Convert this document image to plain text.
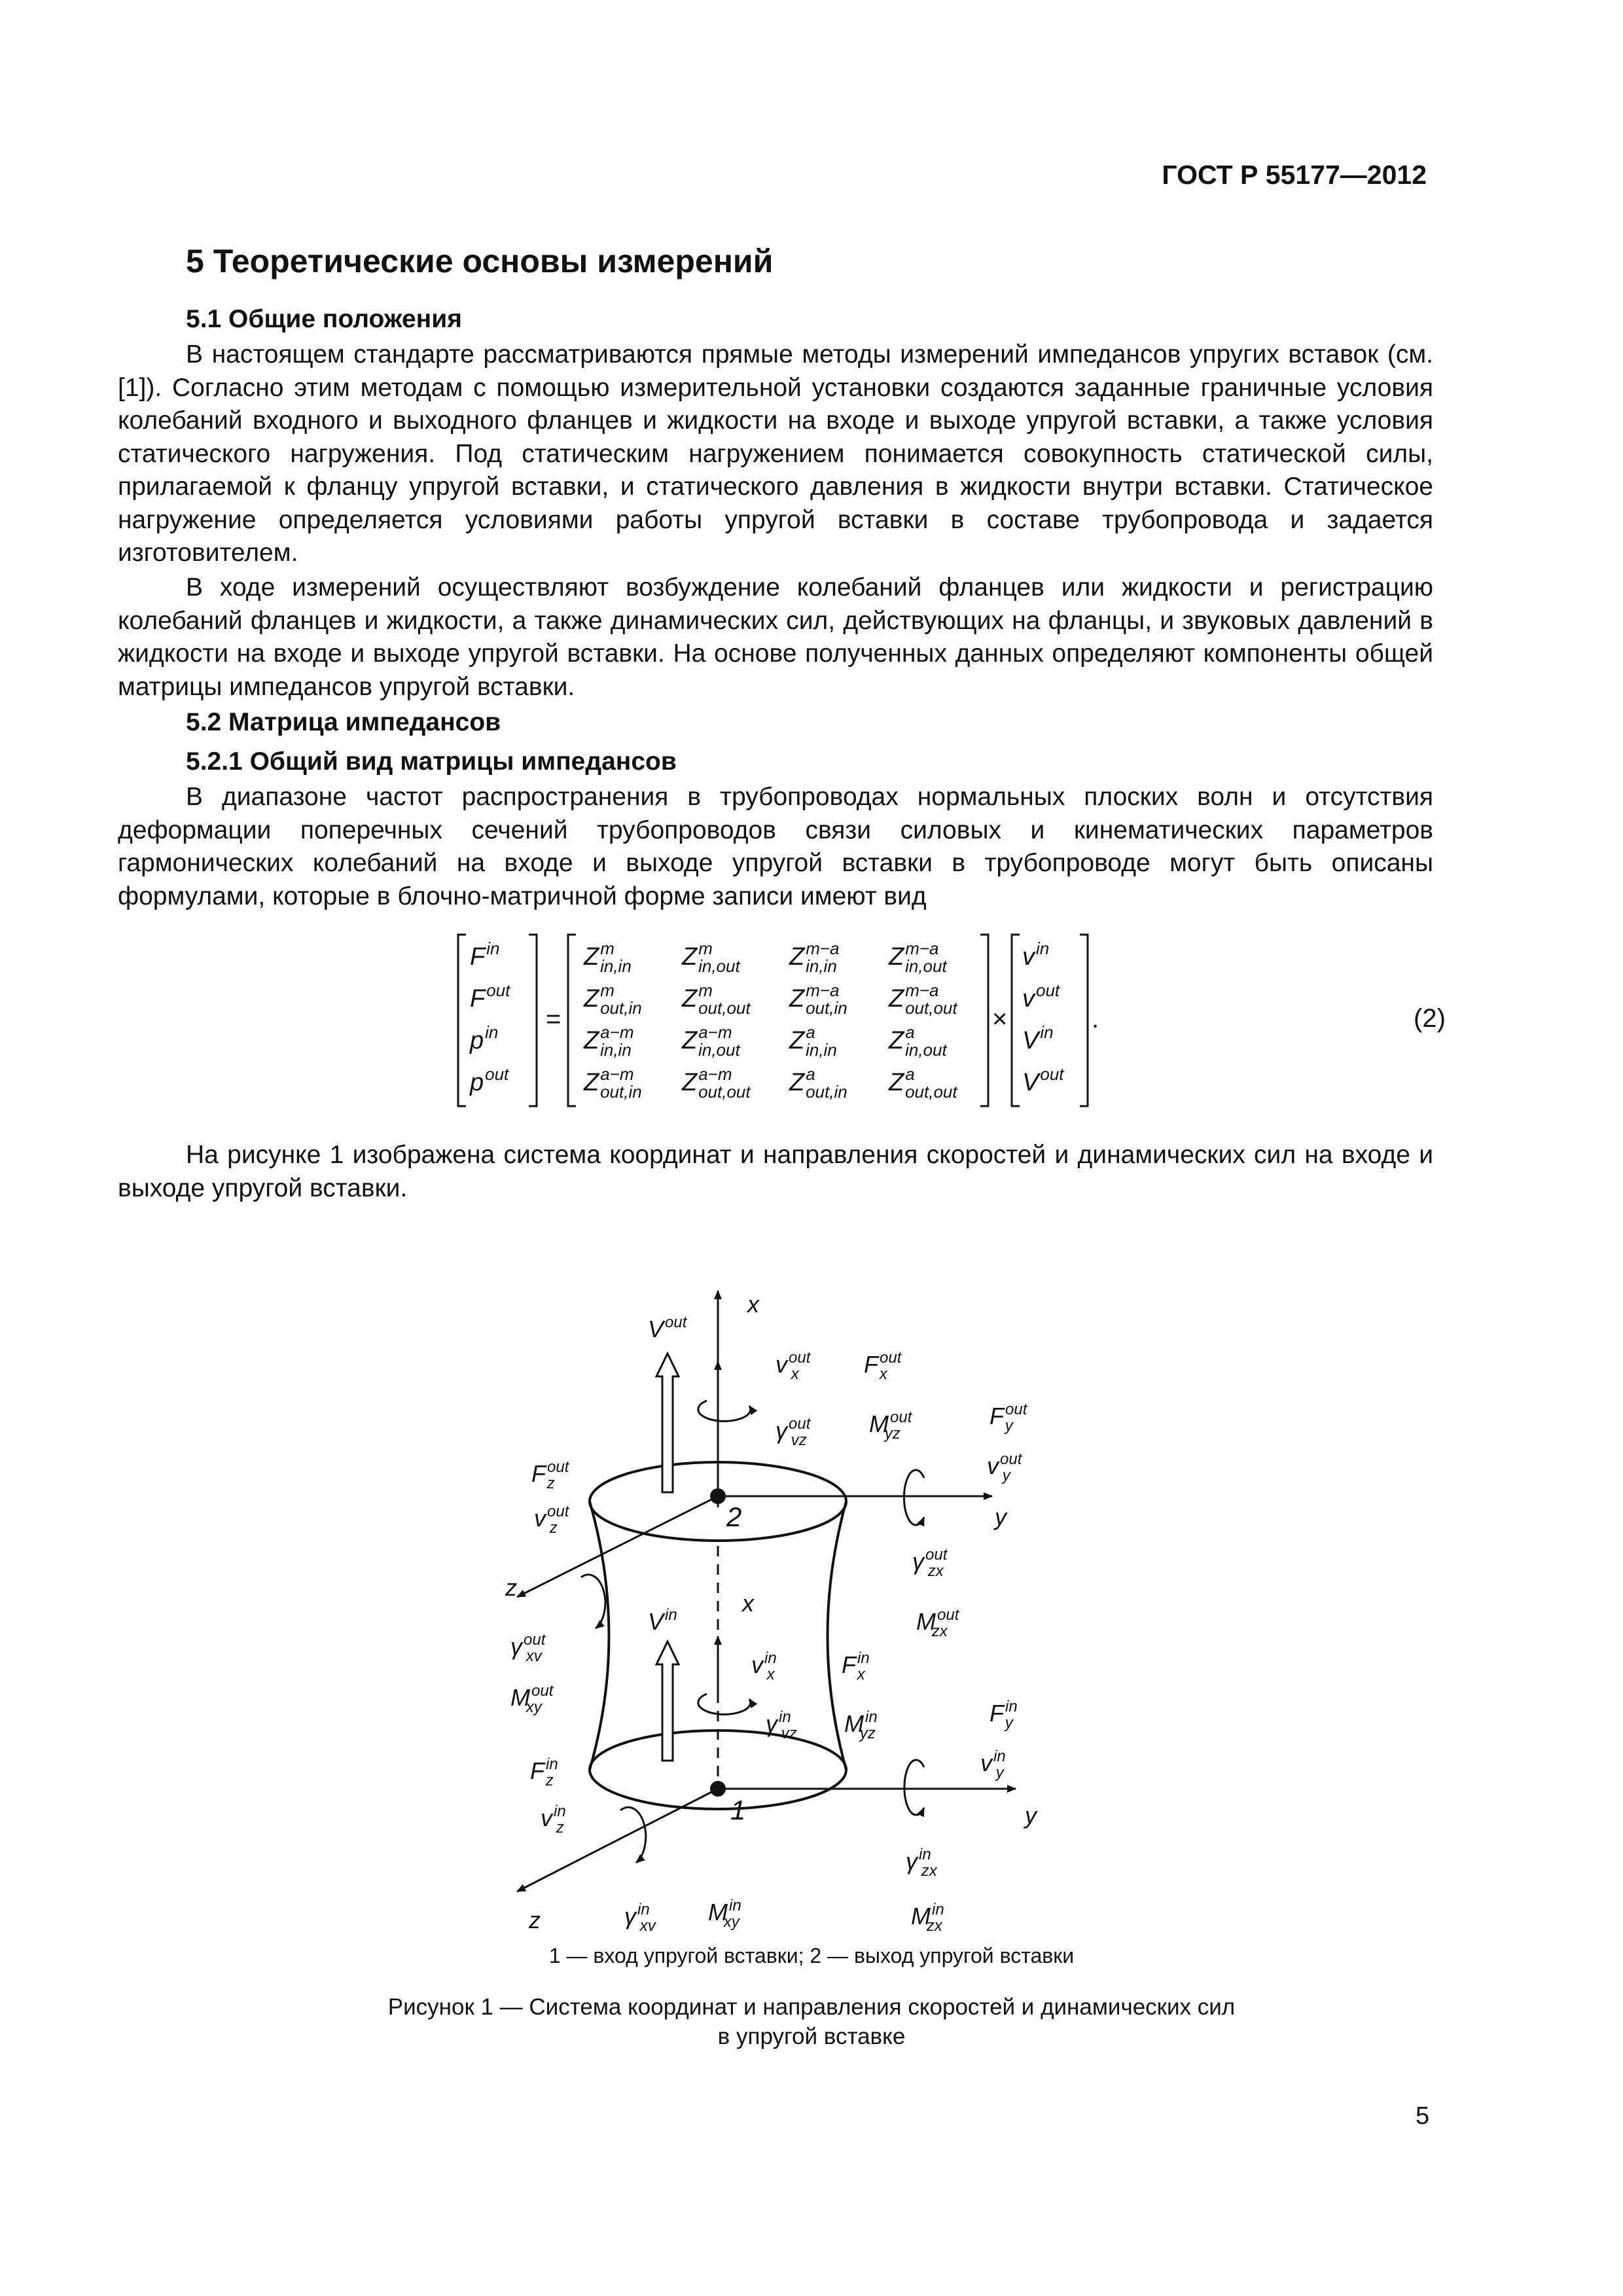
ГОСТ Р 55177—2012
5 Теоретические основы измерений
5.1 Общие положения

В настоящем стандарте рассматриваются прямые методы измерений импедансов упругих вставок (см. [1]). Согласно этим методам с помощью измерительной установки создаются заданные граничные условия колебаний входного и выходного фланцев и жидкости на входе и выходе упругой вставки, а также условия статического нагружения. Под статическим нагружением понимается совокупность статической силы, прилагаемой к фланцу упругой вставки, и статического давления в жидкости внутри вставки. Статическое нагружение определяется условиями работы упругой вставки в составе трубопровода и задается изготовителем.

В ходе измерений осуществляют возбуждение колебаний фланцев или жидкости и регистрацию колебаний фланцев и жидкости, а также динамических сил, действующих на фланцы, и звуковых давлений в жидкости на входе и выходе упругой вставки. На основе полученных данных определяют компоненты общей матрицы импедансов упругой вставки.

5.2 Матрица импедансов
5.2.1 Общий вид матрицы импедансов

В диапазоне частот распространения в трубопроводах нормальных плоских волн и отсутствия деформации поперечных сечений трубопроводов связи силовых и кинематических параметров гармонических колебаний на входе и выходе упругой вставки в трубопроводе могут быть описаны формулами, которые в блочно-матричной форме записи имеют вид

(2)

На рисунке 1 изображена система координат и направления скоростей и динамических сил на входе и выходе упругой вставки.

1 — вход упругой вставки; 2 — выход упругой вставки
Рисунок 1 — Система координат и направления скоростей и динамических сил
в упругой вставке
5
$F^{in}$
$F^{out}$
$p^{in}$
$p^{out}$
$Z^m$ in,in $Z^m$ in,out $Z^{m-a}$ in,in $Z^{m-a}$ in,out
$Z^m$ out,in $Z^m$ out,out $Z^{m-a}$ out,in $Z^{m-a}$ out,out
$Z^{a-m}$ in,in $Z^{a-m}$ in,out $Z^a$ in,in $Z^a$ in,out
$Z^{a-m}$ out,in $Z^{a-m}$ out,out $Z^a$ out,in $Z^a$ out,out
$v^{in}$
$v^{out}$
$V^{in}$
$V^{out}$
=	×	.
$V^{out}$
x
$v^{out}$ x	$F^{out}$ x
$\gamma^{out}$ vz
$M^{out}$ yz
$F^{out}$ y
$v^{out}$ y
$F^{out}$ z
$v^{out}$ z	2	y
$\gamma^{out}$ zx
z
x
$V^{in}$	$M^{out}$ zx
$\gamma^{out}$ xv	$v^{in}$ x	$F^{in}$ x
$M^{out}$ xy
$\gamma^{in}$ vz $M^{in}$ yz
$F^{in}$ y
$v^{in}$ y
$F^{in}$ z
1	y
$v^{in}$ z
$\gamma^{in}$ zx
z	$\gamma^{in}$ xv
$M^{in}$ xy	$M^{in}$ zx
